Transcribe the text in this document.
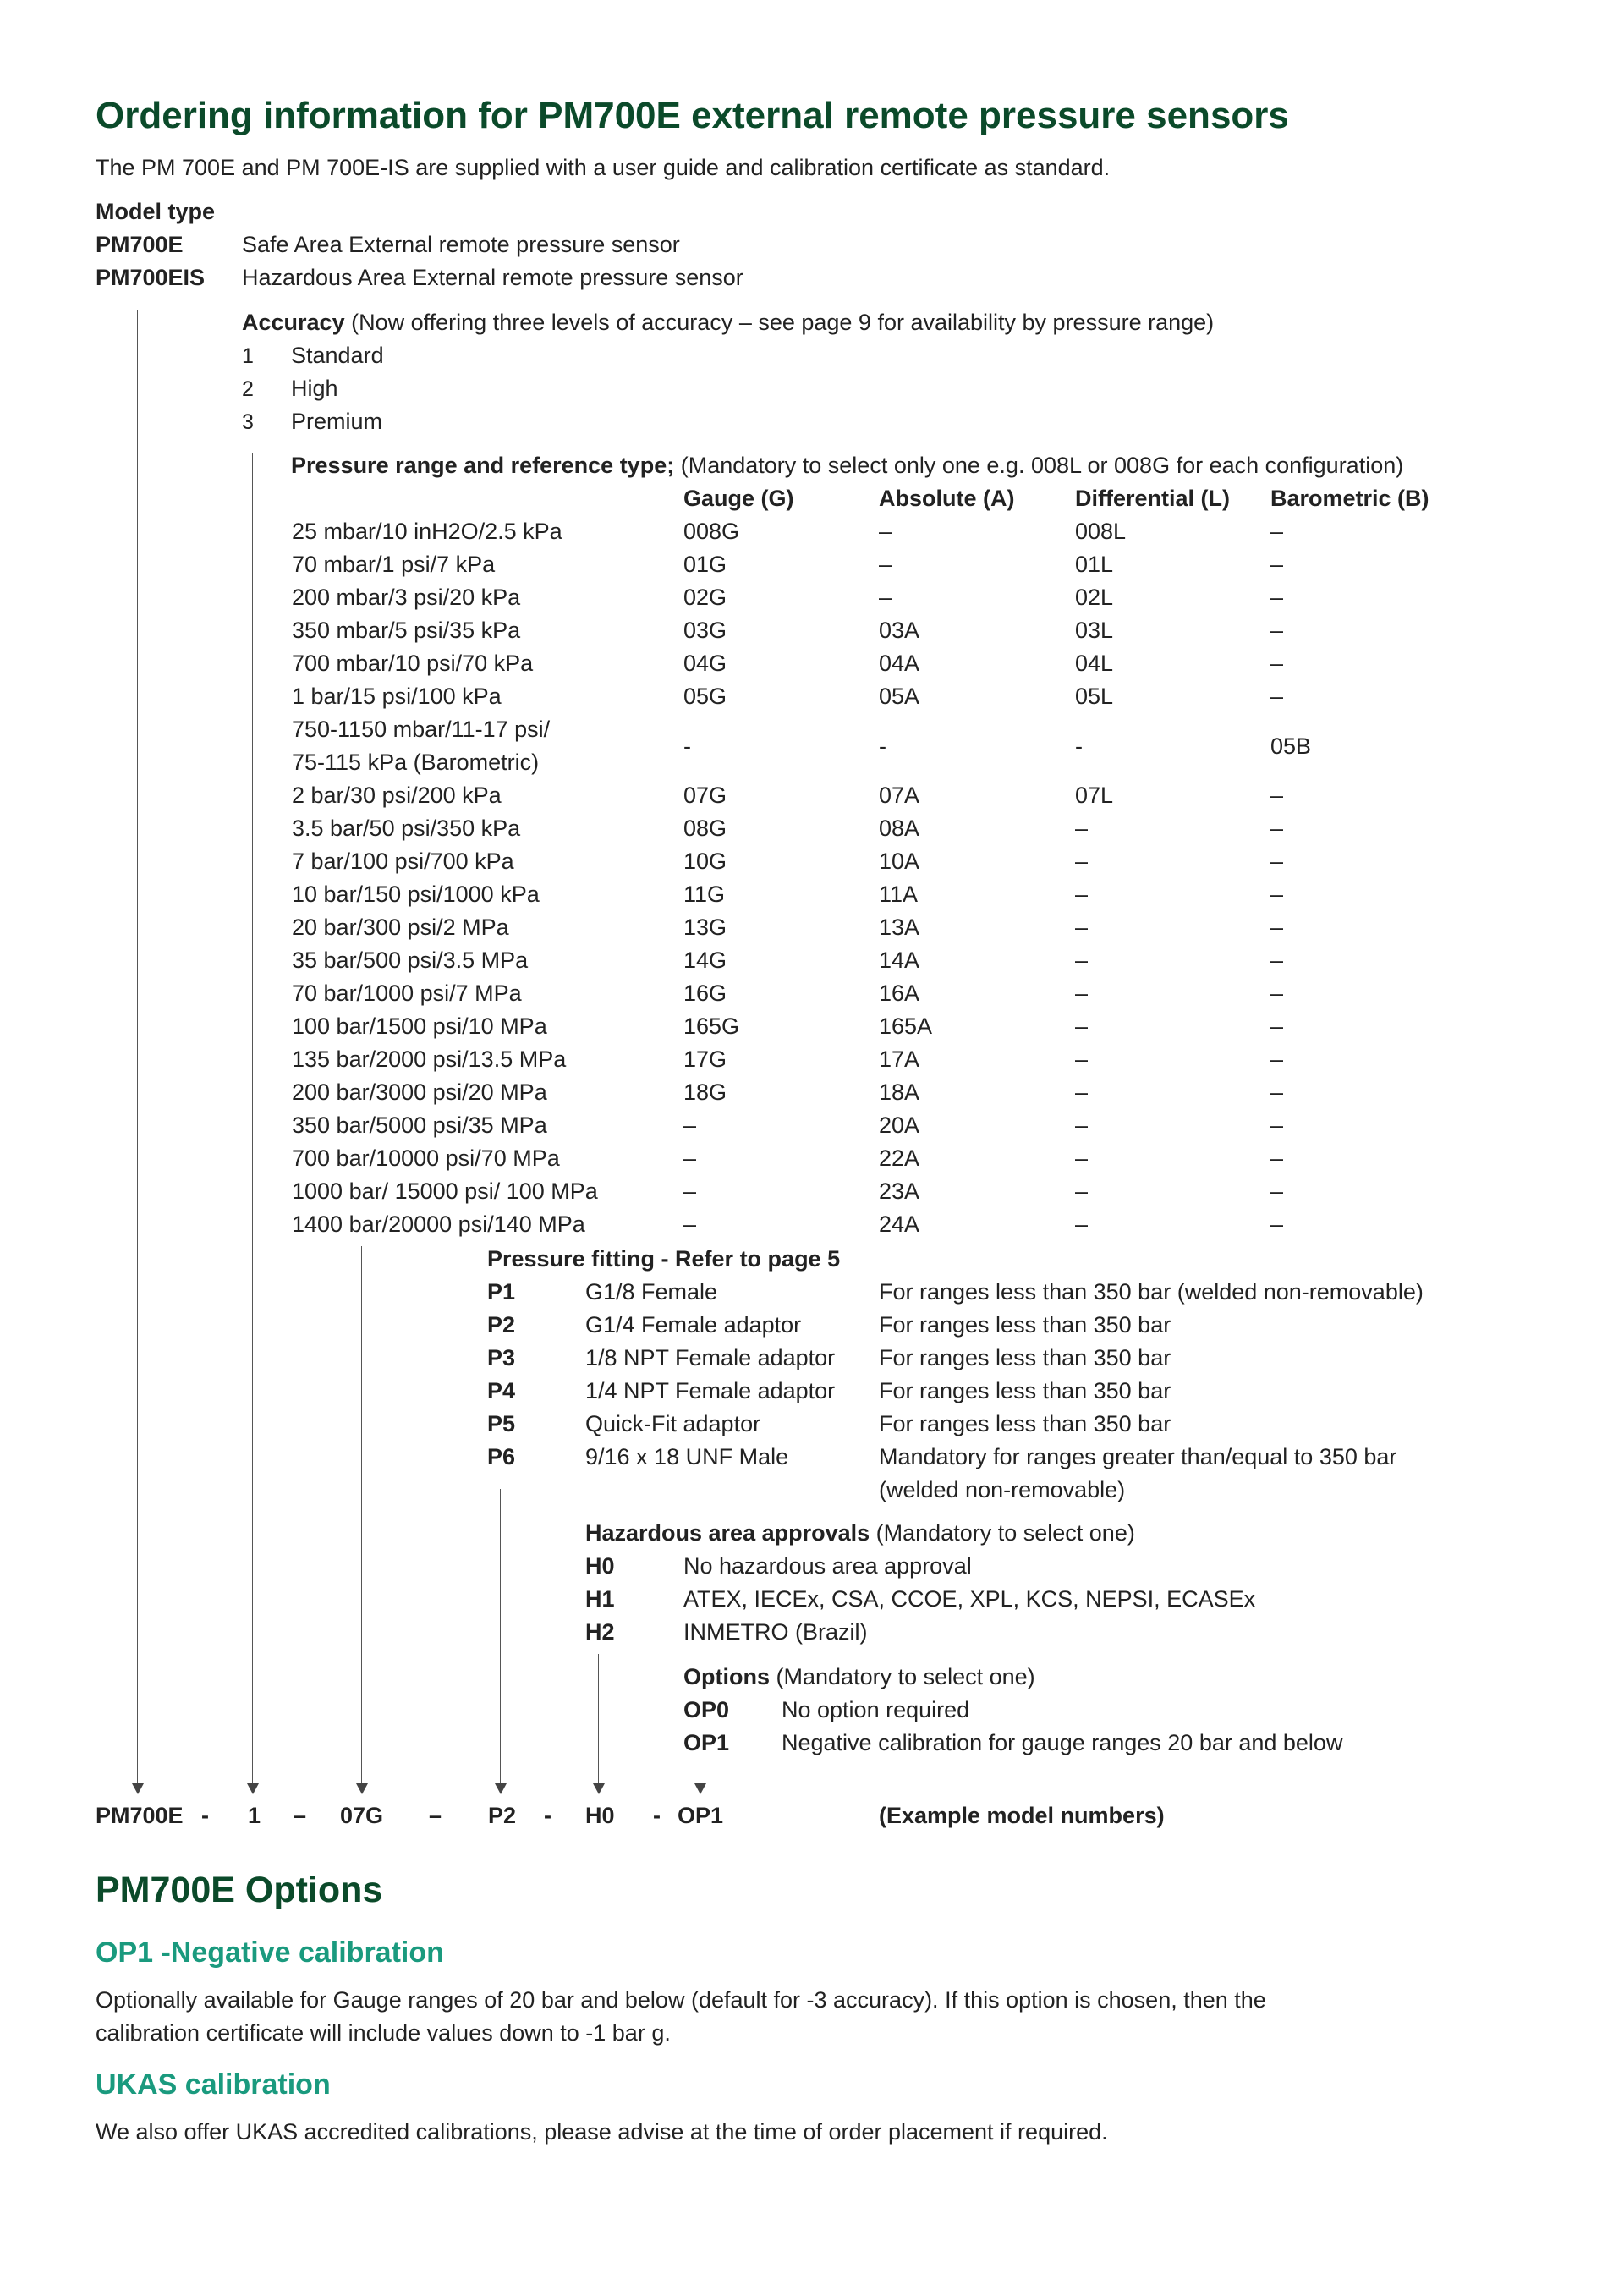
Ordering information for PM700E external remote pressure sensors
The PM 700E and PM 700E-IS are supplied with a user guide and calibration certificate as standard.
Model type
PM700E	Safe Area External remote pressure sensor
PM700EIS Hazardous Area External remote pressure sensor
Accuracy (Now offering three levels of accuracy – see page 9 for availability by pressure range)
1 Standard
2 High
3 Premium
Pressure range and reference type; (Mandatory to select only one e.g. 008L or 008G for each configuration)
Gauge (G)	Absolute (A)	Differential (L) Barometric (B)
25 mbar/10 inH2O/2.5 kPa	008G	–	008L	–
70 mbar/1 psi/7 kPa	01G	–	01L	–
200 mbar/3 psi/20 kPa	02G	–	02L	–
350 mbar/5 psi/35 kPa	03G	03A	03L	–
700 mbar/10 psi/70 kPa	04G	04A	04L	–
1 bar/15 psi/100 kPa	05G	05A	05L	–
750-1150 mbar/11-17 psi/
75-115 kPa (Barometric)
-	-	-	05B
2 bar/30 psi/200 kPa	07G	07A	07L	–
3.5 bar/50 psi/350 kPa	08G	08A	–	–
7 bar/100 psi/700 kPa	10G	10A	–	–
10 bar/150 psi/1000 kPa	11G	11A	–	–
20 bar/300 psi/2 MPa	13G	13A	–	–
35 bar/500 psi/3.5 MPa	14G	14A	–	–
70 bar/1000 psi/7 MPa	16G	16A	–	–
100 bar/1500 psi/10 MPa	165G	165A	–	–
135 bar/2000 psi/13.5 MPa	17G	17A	–	–
200 bar/3000 psi/20 MPa	18G	18A	–	–
350 bar/5000 psi/35 MPa	–	20A	–	–
700 bar/10000 psi/70 MPa	–	22A	–	–
1000 bar/ 15000 psi/ 100 MPa	–	23A	–	–
1400 bar/20000 psi/140 MPa	–	24A	–	–
Pressure fitting - Refer to page 5
P1	G1/8 Female	For ranges less than 350 bar (welded non-removable)
P2	G1/4 Female adaptor	For ranges less than 350 bar
P3	1/8 NPT Female adaptor For ranges less than 350 bar
P4	1/4 NPT Female adaptor For ranges less than 350 bar
P5	Quick-Fit adaptor	For ranges less than 350 bar
P6	9/16 x 18 UNF Male	Mandatory for ranges greater than/equal to 350 bar
(welded non-removable)
Hazardous area approvals (Mandatory to select one)
H0	No hazardous area approval
H1	ATEX, IECEx, CSA, CCOE, XPL, KCS, NEPSI, ECASEx
H2	INMETRO (Brazil)
Options (Mandatory to select one)
OP0 No option required
OP1 Negative calibration for gauge ranges 20 bar and below
PM700E - 1 – 07G – P2 - H0 - OP1	(Example model numbers)
PM700E Options
OP1 -Negative calibration
Optionally available for Gauge ranges of 20 bar and below (default for -3 accuracy). If this option is chosen, then the
calibration certificate will include values down to -1 bar g.
UKAS calibration
We also offer UKAS accredited calibrations, please advise at the time of order placement if required.
